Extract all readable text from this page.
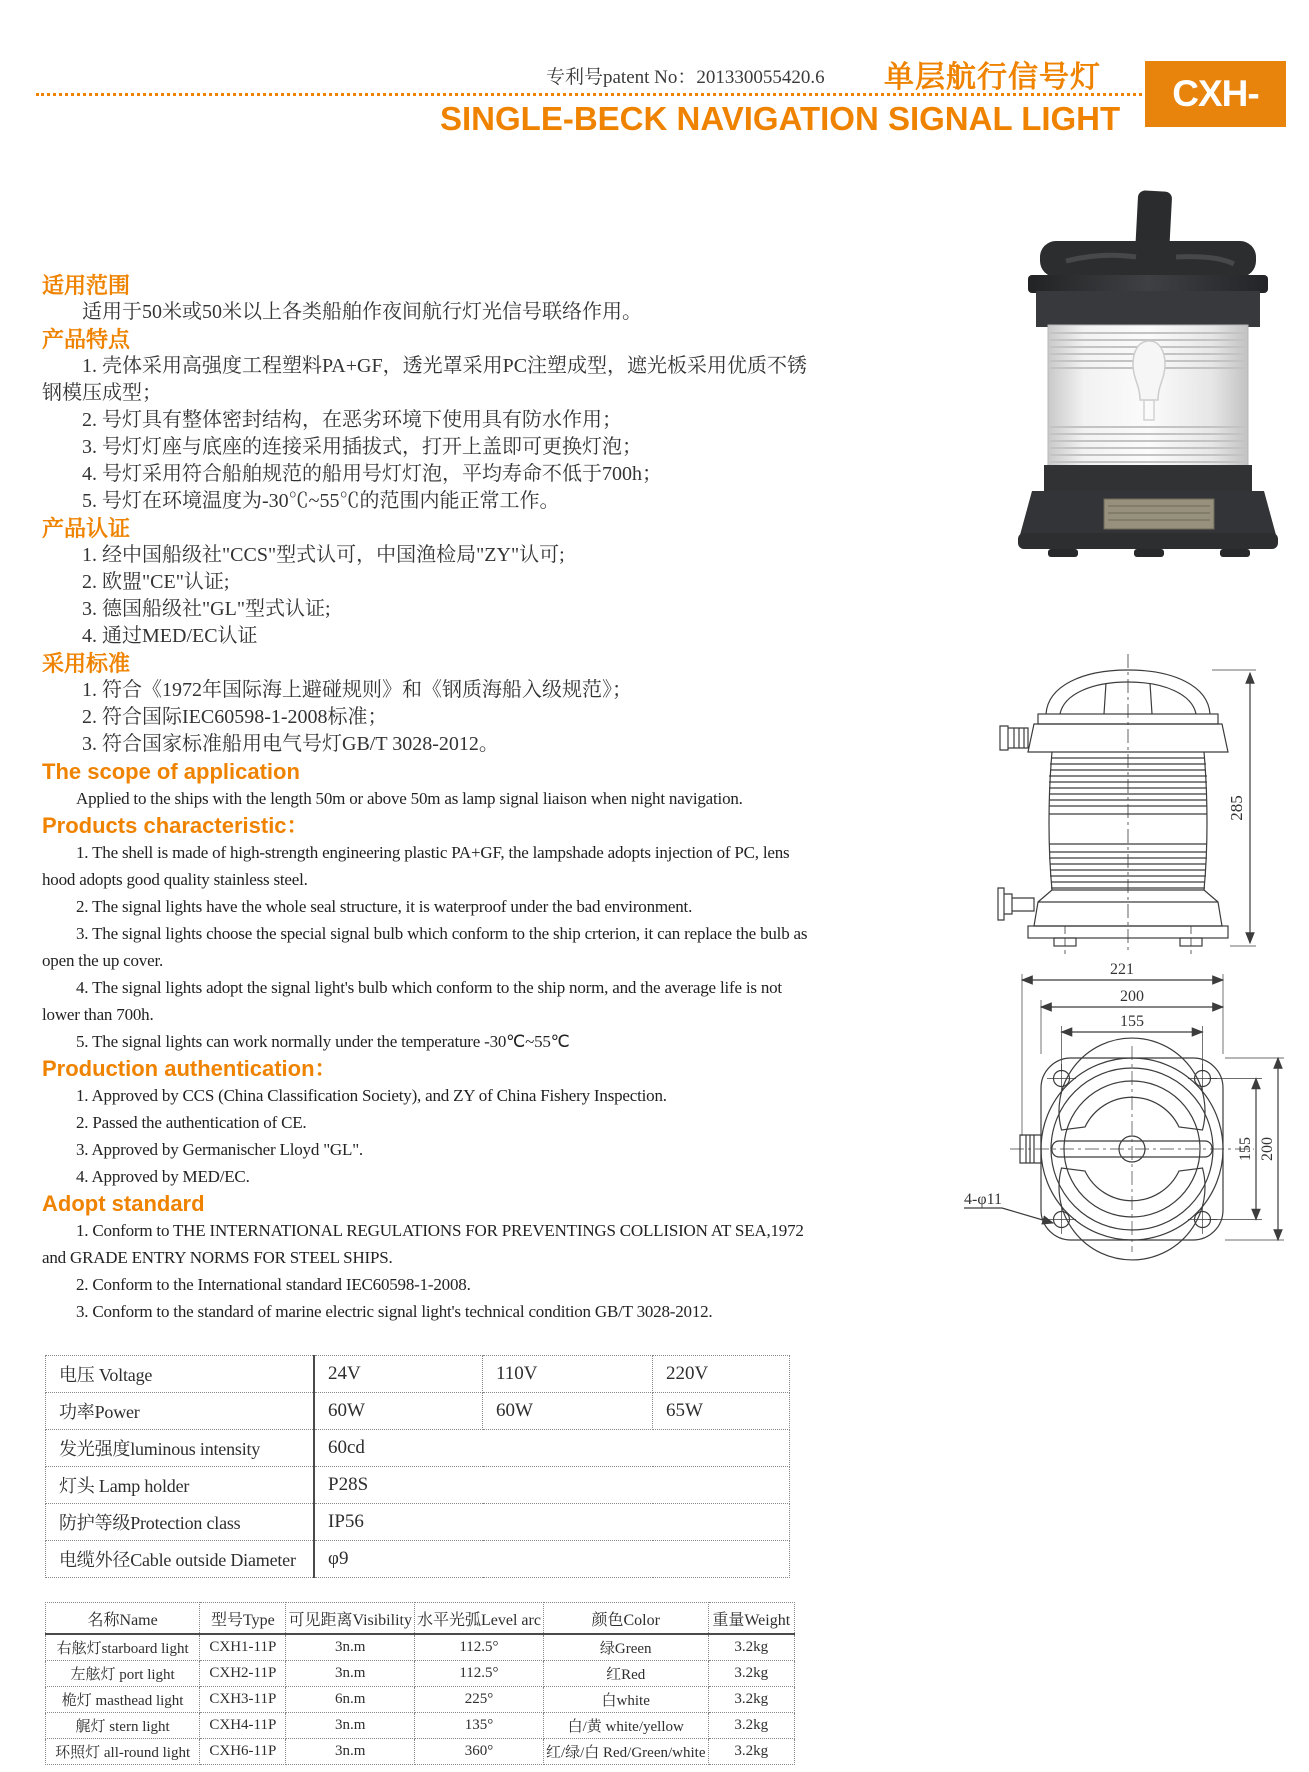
专利号patent No：201330055420.6 单层航行信号灯
SINGLE-BECK NAVIGATION SIGNAL LIGHT
CXH-11P
适用范围

适用于50米或50米以上各类船舶作夜间航行灯光信号联络作用。

产品特点

1. 壳体采用高强度工程塑料PA+GF，透光罩采用PC注塑成型，遮光板采用优质不锈钢模压成型；

2. 号灯具有整体密封结构，在恶劣环境下使用具有防水作用；

3. 号灯灯座与底座的连接采用插拔式，打开上盖即可更换灯泡；

4. 号灯采用符合船舶规范的船用号灯灯泡，平均寿命不低于700h；

5. 号灯在环境温度为-30℃~55℃的范围内能正常工作。

产品认证

1. 经中国船级社"CCS"型式认可，中国渔检局"ZY"认可;

2. 欧盟"CE"认证;

3. 德国船级社"GL"型式认证;

4. 通过MED/EC认证

采用标准

1. 符合《1972年国际海上避碰规则》和《钢质海船入级规范》；

2. 符合国际IEC60598-1-2008标准；

3. 符合国家标准船用电气号灯GB/T 3028-2012。

The scope of application

Applied to the ships with the length 50m or above 50m as lamp signal liaison when night navigation.

Products characteristic：

1. The shell is made of high-strength engineering plastic PA+GF, the lampshade adopts injection of PC, lens hood adopts good quality stainless steel.

2. The signal lights have the whole seal structure, it is waterproof under the bad environment.

3. The signal lights choose the special signal bulb which conform to the ship crterion, it can replace the bulb as open the up cover.

4. The signal lights adopt the signal light's bulb which conform to the ship norm, and the average life is not lower than 700h.

5. The signal lights can work normally under the temperature -30℃~55℃

Production authentication：

1. Approved by CCS (China Classification Society), and ZY of China Fishery Inspection.

2. Passed the authentication of CE.

3. Approved by Germanischer Lloyd "GL".

4. Approved by MED/EC.

Adopt standard

1. Conform to THE INTERNATIONAL REGULATIONS FOR PREVENTINGS COLLISION AT SEA,1972 and GRADE ENTRY NORMS FOR STEEL SHIPS.

2. Conform to the International standard IEC60598-1-2008.

3. Conform to the standard of marine electric signal light's technical condition GB/T 3028-2012.

285
221
200
155
155 200
4-φ11
电压 Voltage	24V	110V	220V
功率Power	60W	60W	65W
发光强度luminous intensity	60cd		
灯头 Lamp holder	P28S		
防护等级Protection class	IP56		
电缆外径Cable outside Diameter	φ9		
名称Name	型号Type	可见距离Visibility	水平光弧Level arc	颜色Color	重量Weight
右舷灯starboard light	CXH1-11P	3n.m	112.5°	绿Green	3.2kg
左舷灯 port light	CXH2-11P	3n.m	112.5°	红Red	3.2kg
桅灯 masthead light	CXH3-11P	6n.m	225°	白white	3.2kg
艉灯 stern light	CXH4-11P	3n.m	135°	白/黄 white/yellow	3.2kg
环照灯 all-round light	CXH6-11P	3n.m	360°	红/绿/白 Red/Green/white	3.2kg
